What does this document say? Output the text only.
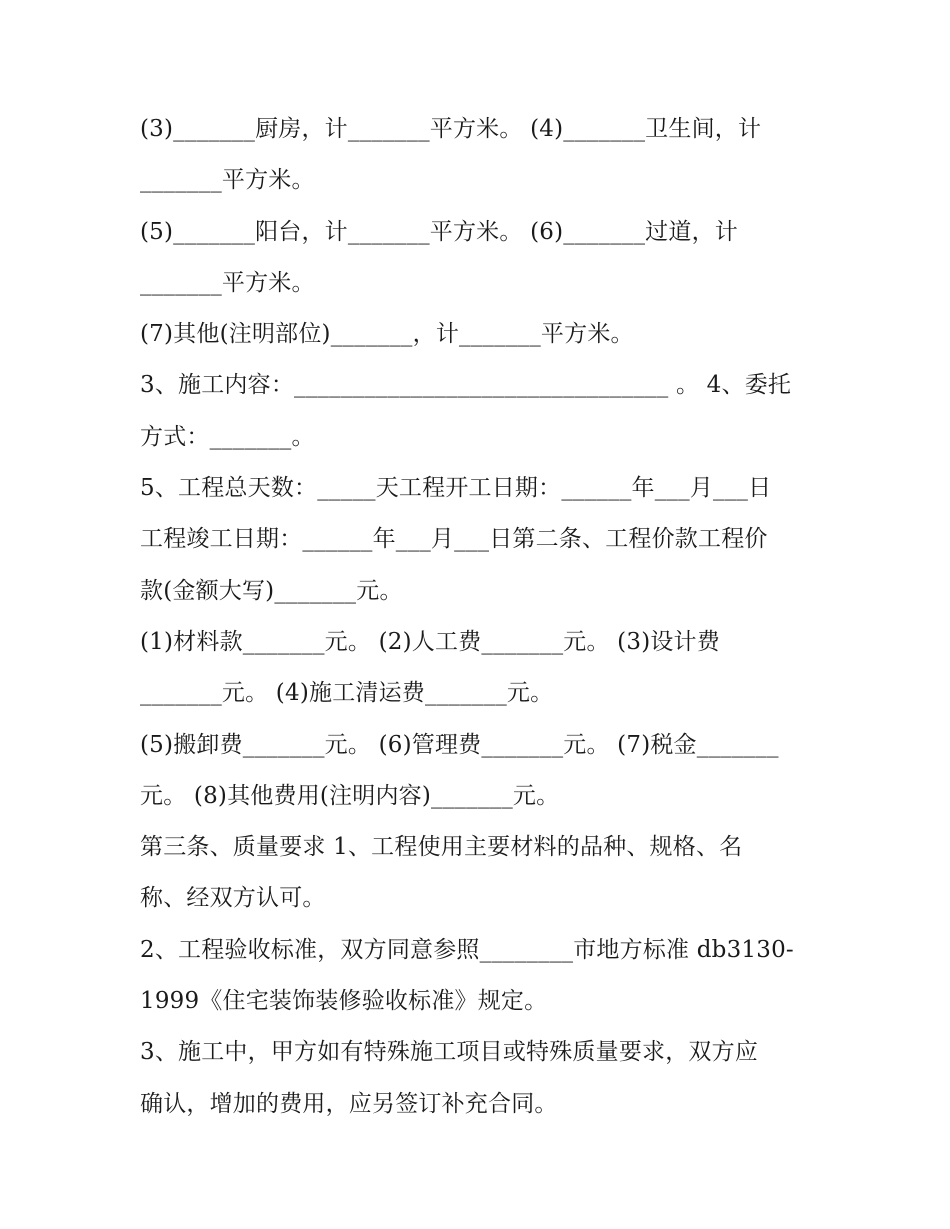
(3)_______厨房，计_______平方米。 (4)_______卫生间，计

_______平方米。

(5)_______阳台，计_______平方米。 (6)_______过道，计

_______平方米。

(7)其他(注明部位)_______，计_______平方米。

3、施工内容：________________________________ 。 4、委托

方式：_______。

5、工程总天数：_____天工程开工日期：______年___月___日

工程竣工日期：______年___月___日第二条、工程价款工程价

款(金额大写)_______元。

(1)材料款_______元。 (2)人工费_______元。 (3)设计费

_______元。 (4)施工清运费_______元。

(5)搬卸费_______元。 (6)管理费_______元。 (7)税金_______

元。 (8)其他费用(注明内容)_______元。

第三条、质量要求 1、工程使用主要材料的品种、规格、名

称、经双方认可。

2、工程验收标准，双方同意参照________市地方标准 db3130-

1999《住宅装饰装修验收标准》规定。

3、施工中，甲方如有特殊施工项目或特殊质量要求，双方应

确认，增加的费用，应另签订补充合同。
